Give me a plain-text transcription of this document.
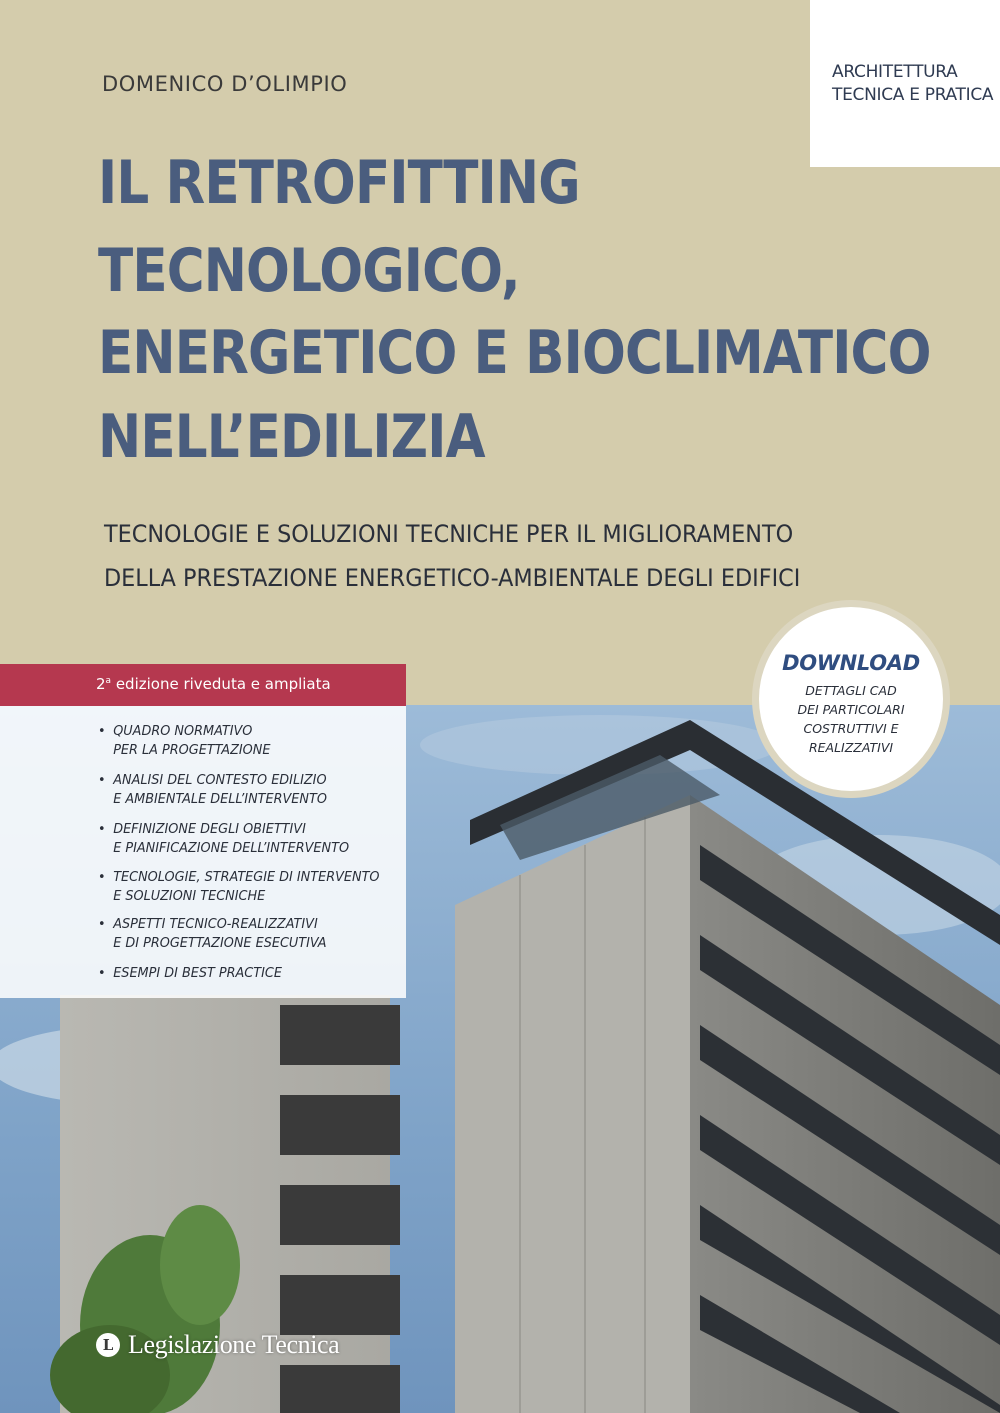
ARCHITETTURA
TECNICA E PRATICA
DOMENICO D’OLIMPIO
IL RETROFITTING
TECNOLOGICO,
ENERGETICO E BIOCLIMATICO
NELL’EDILIZIA
TECNOLOGIE E SOLUZIONI TECNICHE PER IL MIGLIORAMENTO
DELLA PRESTAZIONE ENERGETICO-AMBIENTALE DEGLI EDIFICI
2$^a$ edizione riveduta e ampliata
• QUADRO NORMATIVO
PER LA PROGETTAZIONE
• ANALISI DEL CONTESTO EDILIZIO
E AMBIENTALE DELL’INTERVENTO
• DEFINIZIONE DEGLI OBIETTIVI
E PIANIFICAZIONE DELL’INTERVENTO
• TECNOLOGIE, STRATEGIE DI INTERVENTO
E SOLUZIONI TECNICHE
• ASPETTI TECNICO-REALIZZATIVI
E DI PROGETTAZIONE ESECUTIVA
• ESEMPI DI BEST PRACTICE
DOWNLOAD
DETTAGLI CAD
DEI PARTICOLARI
COSTRUTTIVI E
REALIZZATIVI
L Legislazione Tecnica
